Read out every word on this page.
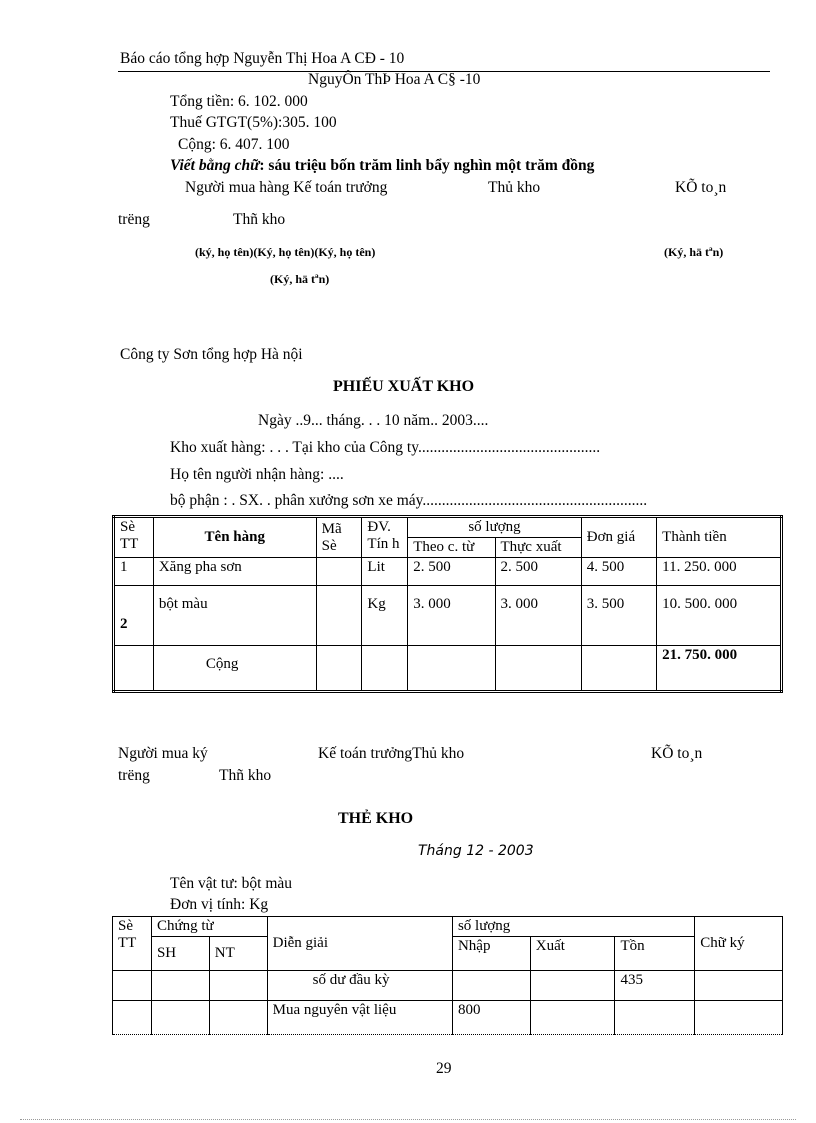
Báo cáo tổng hợp Nguyễn Thị Hoa A CĐ - 10
NguyÔn ThÞ Hoa A C§ -10
Tổng tiền: 6. 102. 000
Thuế GTGT(5%):305. 100
Cộng: 6. 407. 100
Viết bằng chữ: sáu triệu bốn trăm linh bẩy nghìn một trăm đồng
Người mua hàng Kế toán trưởng	Thủ kho	KÕ to¸n
trëng	Thñ kho
(ký, họ tên)(Ký, họ tên)(Ký, họ tên)	(Ký, hä tªn)
(Ký, hä tªn)
Công ty Sơn tổng hợp Hà nội
PHIẾU XUẤT KHO
Ngày ..9... tháng. . . 10 năm.. 2003....
Kho xuất hàng: . . . Tại kho của Công ty...............................................
Họ tên người nhận hàng: ....
bộ phận : . SX. . phân xưởng sơn xe máy..........................................................
Sè TT	Tên hàng	Mã Sè	ĐV. Tín h	số lượng		Đơn giá	Thành tiền
				Theo c. từ	Thực xuất		
1	Xăng pha sơn		Lit	2. 500	2. 500	4. 500	11. 250. 000
2	bột màu		Kg	3. 000	3. 000	3. 500	10. 500. 000
	Cộng						21. 750. 000
Người mua ký	Kế toán trưởngThủ kho	KÕ to¸n
trëng	Thñ kho
THẺ KHO
Tháng 12 - 2003
Tên vật tư: bột màu
Đơn vị tính: Kg
Sè TT	Chứng từ		Diễn giải	số lượng			Chữ ký
	SH	NT		Nhập	Xuất	Tồn	
			số dư đầu kỳ			435	
			Mua nguyên vật liệu	800			
29
